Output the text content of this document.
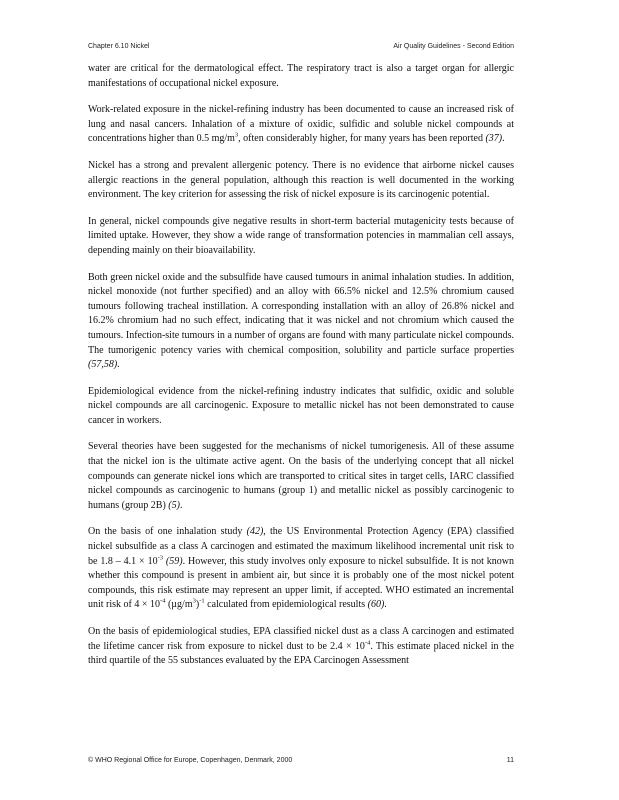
Chapter 6.10 Nickel	Air Quality Guidelines - Second Edition

water are critical for the dermatological effect. The respiratory tract is also a target organ for allergic manifestations of occupational nickel exposure.

Work-related exposure in the nickel-refining industry has been documented to cause an increased risk of lung and nasal cancers. Inhalation of a mixture of oxidic, sulfidic and soluble nickel compounds at concentrations higher than 0.5 $mg/m^3$, often considerably higher, for many years has been reported (37).

Nickel has a strong and prevalent allergenic potency. There is no evidence that airborne nickel causes allergic reactions in the general population, although this reaction is well documented in the working environment. The key criterion for assessing the risk of nickel exposure is its carcinogenic potential.

In general, nickel compounds give negative results in short-term bacterial mutagenicity tests because of limited uptake. However, they show a wide range of transformation potencies in mammalian cell assays, depending mainly on their bioavailability.

Both green nickel oxide and the subsulfide have caused tumours in animal inhalation studies. In addition, nickel monoxide (not further specified) and an alloy with 66.5% nickel and 12.5% chromium caused tumours following tracheal instillation. A corresponding installation with an alloy of 26.8% nickel and 16.2% chromium had no such effect, indicating that it was nickel and not chromium which caused the tumours. Infection-site tumours in a number of organs are found with many particulate nickel compounds. The tumorigenic potency varies with chemical composition, solubility and particle surface properties (57,58).

Epidemiological evidence from the nickel-refining industry indicates that sulfidic, oxidic and soluble nickel compounds are all carcinogenic. Exposure to metallic nickel has not been demonstrated to cause cancer in workers.

Several theories have been suggested for the mechanisms of nickel tumorigenesis. All of these assume that the nickel ion is the ultimate active agent. On the basis of the underlying concept that all nickel compounds can generate nickel ions which are transported to critical sites in target cells, IARC classified nickel compounds as carcinogenic to humans (group 1) and metallic nickel as possibly carcinogenic to humans (group 2B) (5).

On the basis of one inhalation study (42), the US Environmental Protection Agency (EPA) classified nickel subsulfide as a class A carcinogen and estimated the maximum likelihood incremental unit risk to be $1.8 - 4.1 \times 10^{-3}$ (59). However, this study involves only exposure to nickel subsulfide. It is not known whether this compound is present in ambient air, but since it is probably one of the most nickel potent compounds, this risk estimate may represent an upper limit, if accepted. WHO estimated an incremental unit risk of $4 \times 10^{-4}$ $(\mu g/m^3)^{-1}$ calculated from epidemiological results (60).

On the basis of epidemiological studies, EPA classified nickel dust as a class A carcinogen and estimated the lifetime cancer risk from exposure to nickel dust to be $2.4 \times 10^{-4}$. This estimate placed nickel in the third quartile of the 55 substances evaluated by the EPA Carcinogen Assessment

© WHO Regional Office for Europe, Copenhagen, Denmark, 2000	11
